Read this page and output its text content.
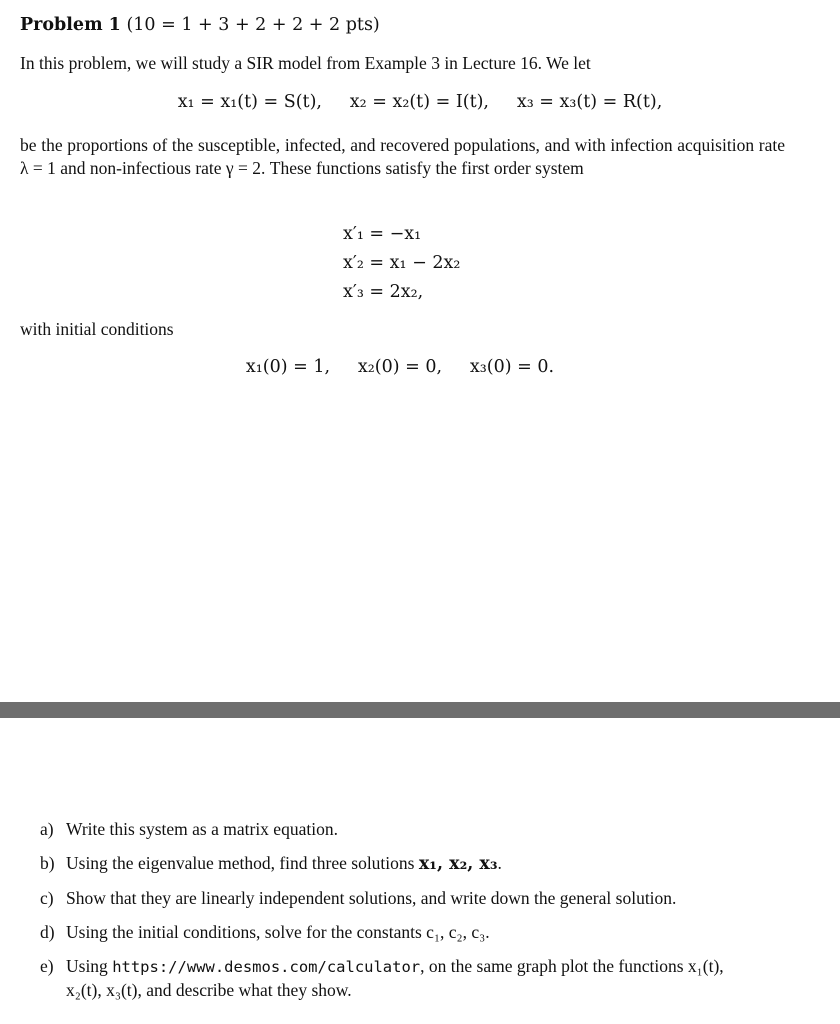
Problem 1 (10 = 1 + 3 + 2 + 2 + 2 pts)
In this problem, we will study a SIR model from Example 3 in Lecture 16. We let
x₁ = x₁(t) = S(t), x₂ = x₂(t) = I(t), x₃ = x₃(t) = R(t),
be the proportions of the susceptible, infected, and recovered populations, and with infection acquisition rate λ = 1 and non-infectious rate γ = 2. These functions satisfy the first order system
x′₁ = −x₁
x′₂ = x₁ − 2x₂
x′₃ = 2x₂,
with initial conditions
x₁(0) = 1, x₂(0) = 0, x₃(0) = 0.
a) Write this system as a matrix equation.
b) Using the eigenvalue method, find three solutions x₁, x₂, x₃.
c) Show that they are linearly independent solutions, and write down the general solution.
d) Using the initial conditions, solve for the constants c₁, c₂, c₃.
e) Using https://www.desmos.com/calculator, on the same graph plot the functions x₁(t),
x₂(t), x₃(t), and describe what they show.
